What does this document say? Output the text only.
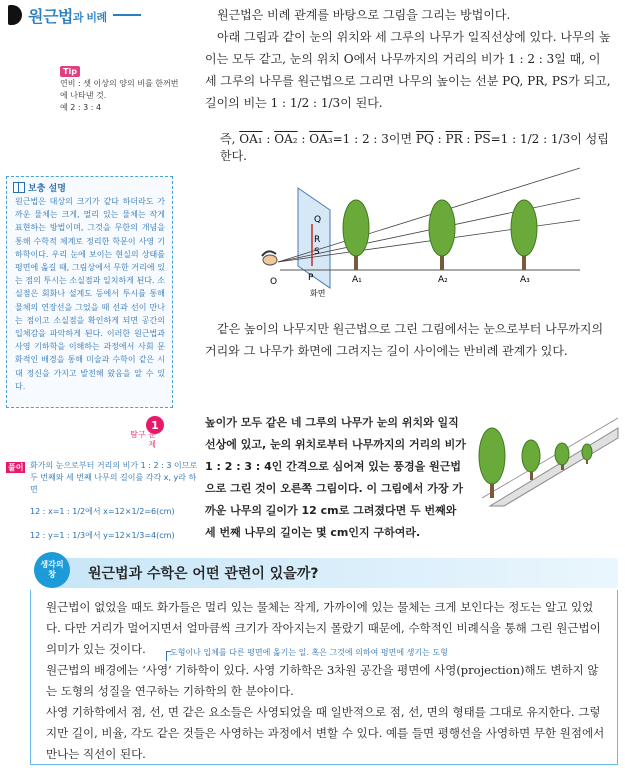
원근법 과 비례
Tip
연비 : 셋 이상의 양의 비를 한꺼번에 나타낸 것.
예 2 : 3 : 4

원근법은 비례 관계를 바탕으로 그림을 그리는 방법이다.

아래 그림과 같이 눈의 위치와 세 그루의 나무가 일직선상에 있다. 나무의 높이는 모두 같고, 눈의 위치 O에서 나무까지의 거리의 비가 1 : 2 : 3일 때, 이 세 그루의 나무를 원근법으로 그리면 나무의 높이는 선분 PQ, PR, PS가 되고, 길이의 비는 1 : 1/2 : 1/3이 된다.

즉, OA₁ : OA₂ : OA₃=1 : 2 : 3이면 $\overline{PQ}$ : $\overline{PR}$ : $\overline{PS}=1$ : 1/2 : 1/3이 성립한다.
Q
R
S
P
O	A₁	A₂	A₃
화면
보충 설명
원근법은 대상의 크기가 같다 하더라도 가까운 물체는 크게, 멀리 있는 물체는 작게 표현하는 방법이며, 그것을 무한의 개념을 통해 수학적 체계로 정리한 학문이 사영 기하학이다. 우리 눈에 보이는 현실의 상태를 평면에 옮길 때, 그림상에서 무한 거리에 있는 점의 투시는 소실점과 일치하게 된다. 소실점은 회화나 설계도 등에서 투시를 통해 물체의 연장선을 그었을 때 선과 선이 만나는 점이고 소실점을 확인하게 되면 공간의 입체감을 파악하게 된다. 이러한 원근법과 사영 기하학을 이해하는 과정에서 사회 문화적인 배경을 통해 미술과 수학이 같은 시대 정신을 가지고 발전해 왔음을 알 수 있다.
같은 높이의 나무지만 원근법으로 그린 그림에서는 눈으로부터 나무까지의 거리와 그 나무가 화면에 그려지는 길이 사이에는 반비례 관계가 있다.
1
탐구 문제
높이가 모두 같은 네 그루의 나무가 눈의 위치와 일직선상에 있고, 눈의 위치로부터 나무까지의 거리의 비가 1 : 2 : 3 : 4인 간격으로 심어져 있는 풍경을 원근법으로 그린 것이 오른쪽 그림이다. 이 그림에서 가장 가까운 나무의 길이가 12 cm로 그려졌다면 두 번째와 세 번째 나무의 길이는 몇 cm인지 구하여라.
풀이 화가의 눈으로부터 거리의 비가 1 : 2 : 3 이므로 두 번째와 세 번째 나무의 길이를 각각 x, y라 하면
12 : x=1 : 1/2에서 x=12×1/2=6(cm)
12 : y=1 : 1/3에서 y=12×1/3=4(cm)
생각의
창 원근법과 수학은 어떤 관련이 있을까?

원근법이 없었을 때도 화가들은 멀리 있는 물체는 작게, 가까이에 있는 물체는 크게 보인다는 정도는 알고 있었다. 다만 거리가 멀어지면서 얼마큼씩 크기가 작아지는지 몰랐기 때문에, 수학적인 비례식을 통해 그린 원근법이 의미가 있는 것이다.	도형이나 입체를 다른 평면에 옮기는 일. 혹은 그것에 의하여 평면에 생기는 도형

원근법의 배경에는 ‘사영’ 기하학이 있다. 사영 기하학은 3차원 공간을 평면에 사영(projection)해도 변하지 않는 도형의 성질을 연구하는 기하학의 한 분야이다.

사영 기하학에서 점, 선, 면 같은 요소들은 사영되었을 때 일반적으로 점, 선, 면의 형태를 그대로 유지한다. 그렇지만 길이, 비율, 각도 같은 것들은 사영하는 과정에서 변할 수 있다. 예를 들면 평행선을 사영하면 무한 원점에서 만나는 직선이 된다.
